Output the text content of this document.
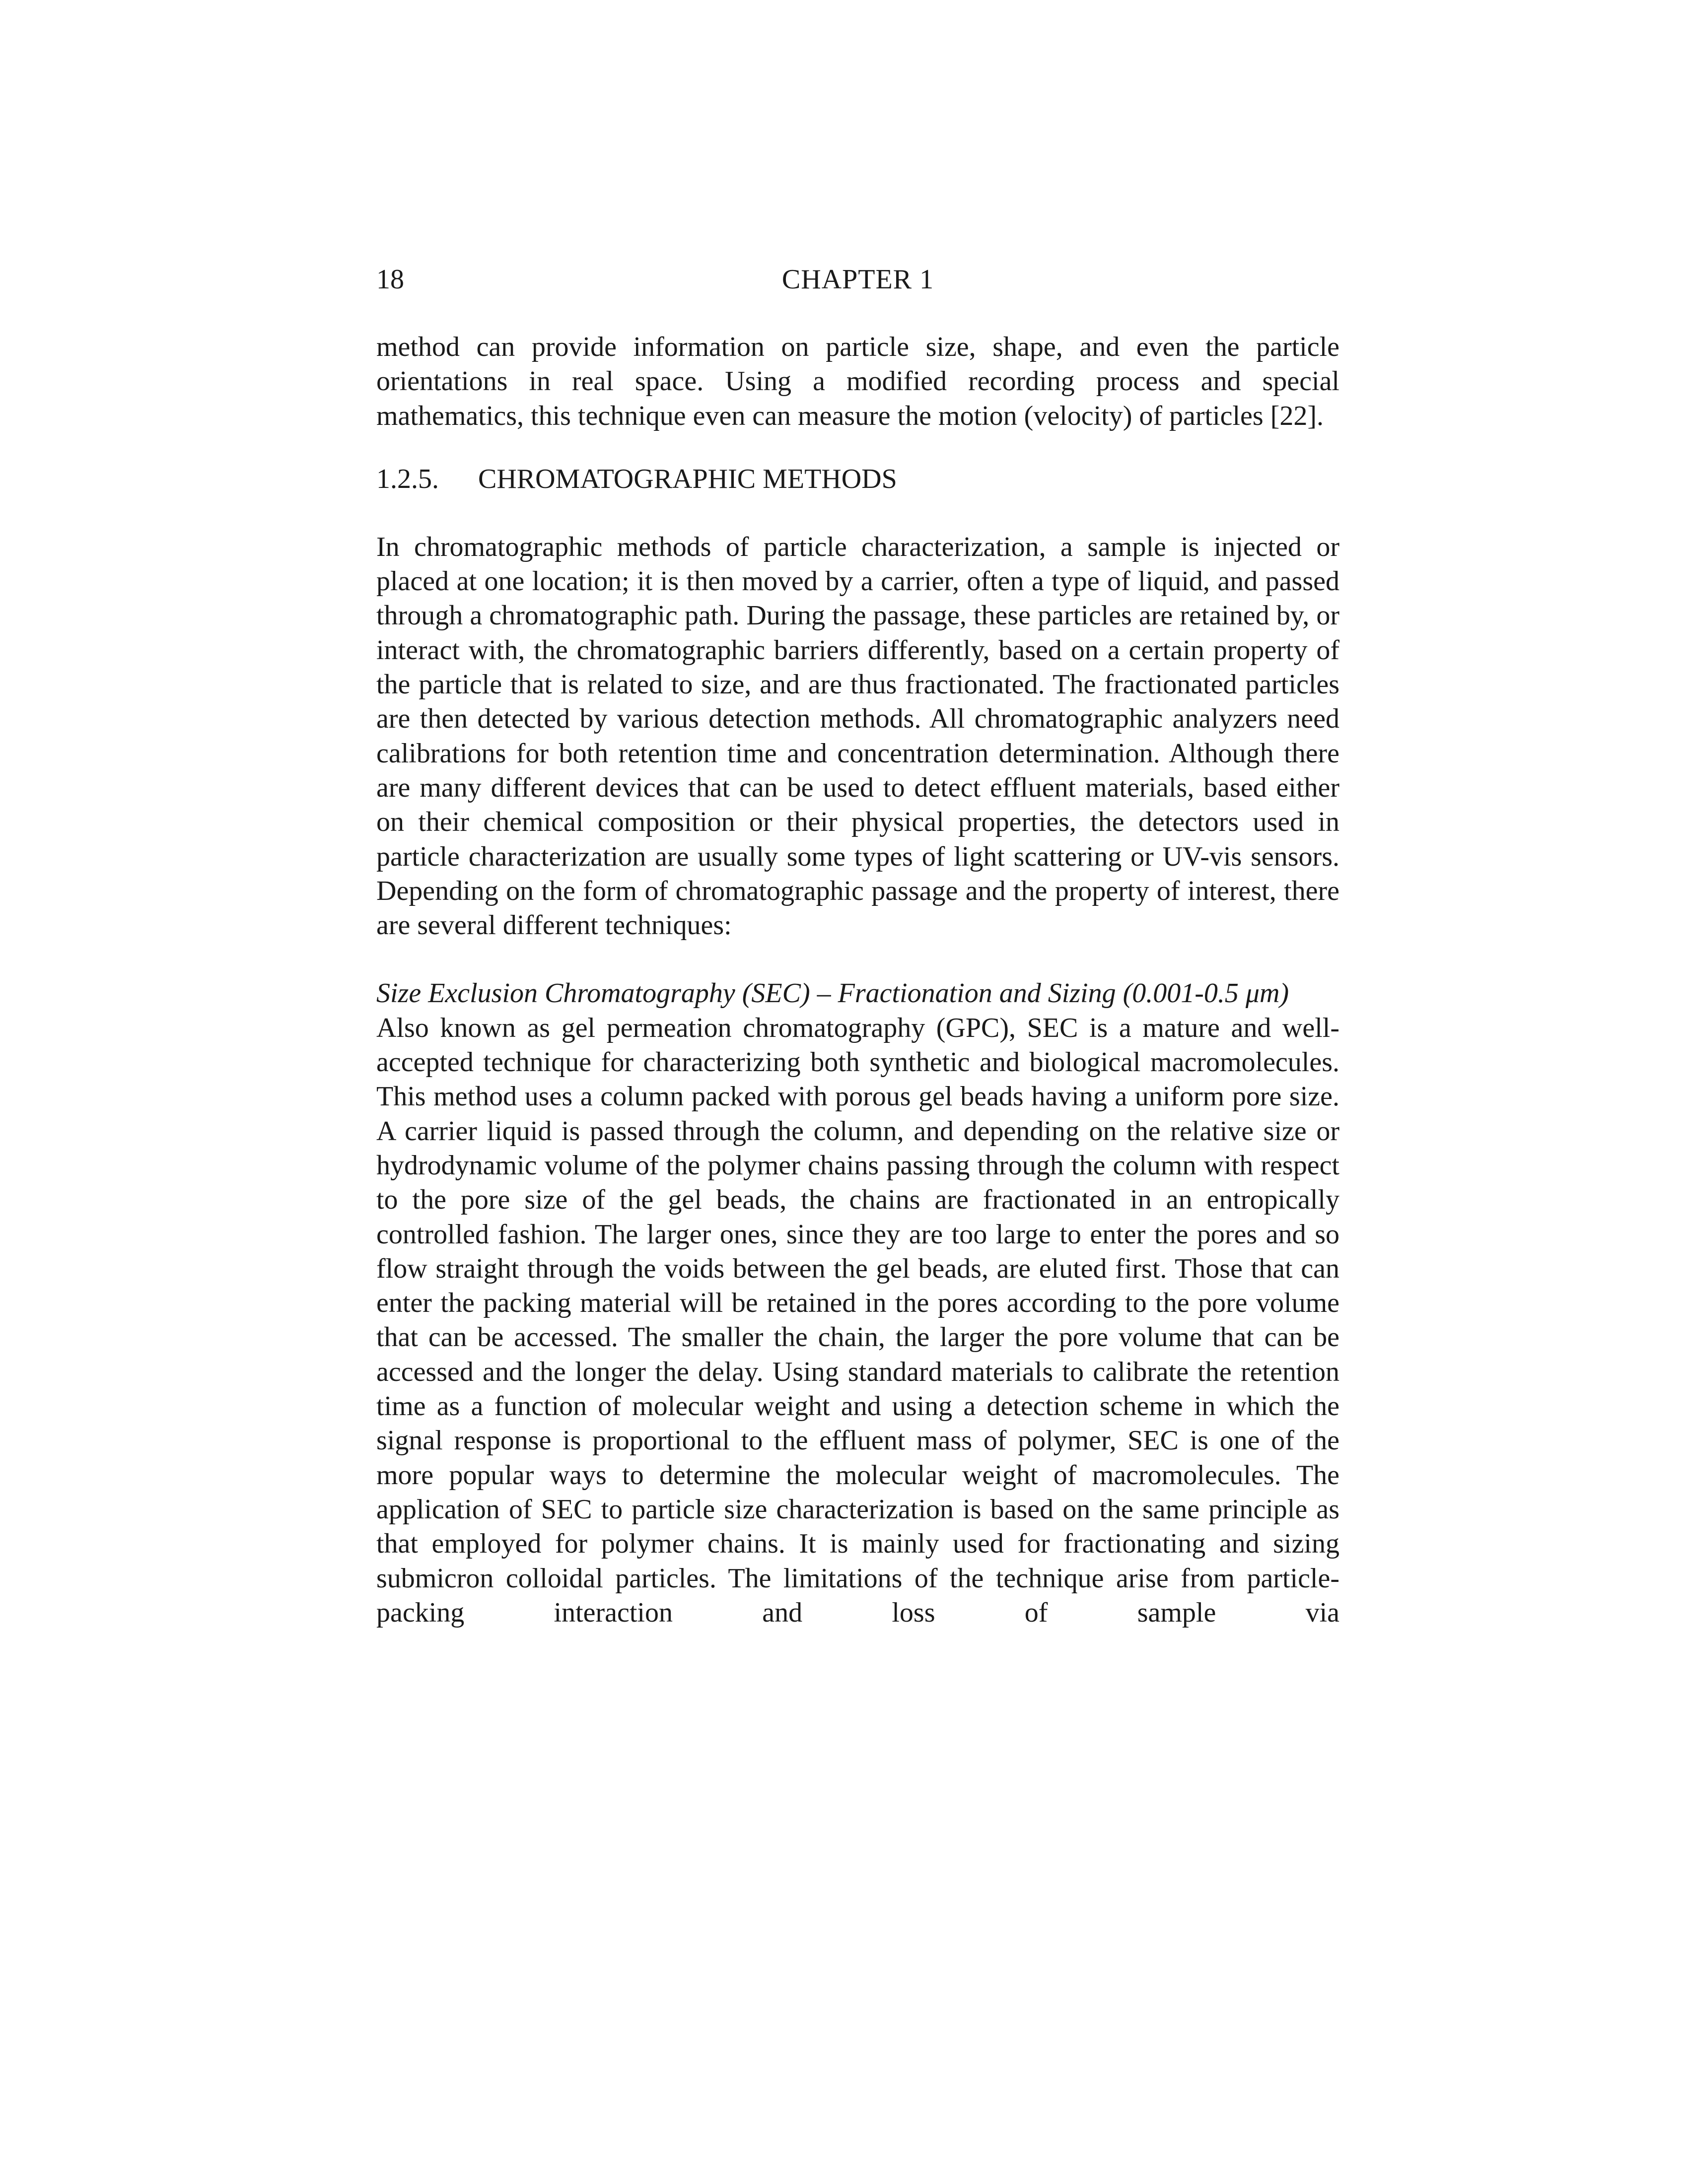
18	CHAPTER 1

method can provide information on particle size, shape, and even the particle orientations in real space. Using a modified recording process and special mathematics, this technique even can measure the motion (velocity) of particles [22].

1.2.5. CHROMATOGRAPHIC METHODS

In chromatographic methods of particle characterization, a sample is injected or placed at one location; it is then moved by a carrier, often a type of liquid, and passed through a chromatographic path. During the passage, these particles are retained by, or interact with, the chromatographic barriers differently, based on a certain property of the particle that is related to size, and are thus fractionated. The fractionated particles are then detected by various detection methods. All chromatographic analyzers need calibrations for both retention time and concentration determination. Although there are many different devices that can be used to detect effluent materials, based either on their chemical composition or their physical properties, the detectors used in particle characterization are usually some types of light scattering or UV-vis sensors. Depending on the form of chromatographic passage and the property of interest, there are several different techniques:

Size Exclusion Chromatography (SEC) – Fractionation and Sizing (0.001-0.5 μm)

Also known as gel permeation chromatography (GPC), SEC is a mature and well-accepted technique for characterizing both synthetic and biological macromolecules. This method uses a column packed with porous gel beads having a uniform pore size. A carrier liquid is passed through the column, and depending on the relative size or hydrodynamic volume of the polymer chains passing through the column with respect to the pore size of the gel beads, the chains are fractionated in an entropically controlled fashion. The larger ones, since they are too large to enter the pores and so flow straight through the voids between the gel beads, are eluted first. Those that can enter the packing material will be retained in the pores according to the pore volume that can be accessed. The smaller the chain, the larger the pore volume that can be accessed and the longer the delay. Using standard materials to calibrate the retention time as a function of molecular weight and using a detection scheme in which the signal response is proportional to the effluent mass of polymer, SEC is one of the more popular ways to determine the molecular weight of macromolecules. The application of SEC to particle size characterization is based on the same principle as that employed for polymer chains. It is mainly used for fractionating and sizing submicron colloidal particles. The limitations of the technique arise from particle-packing interaction and loss of sample via
